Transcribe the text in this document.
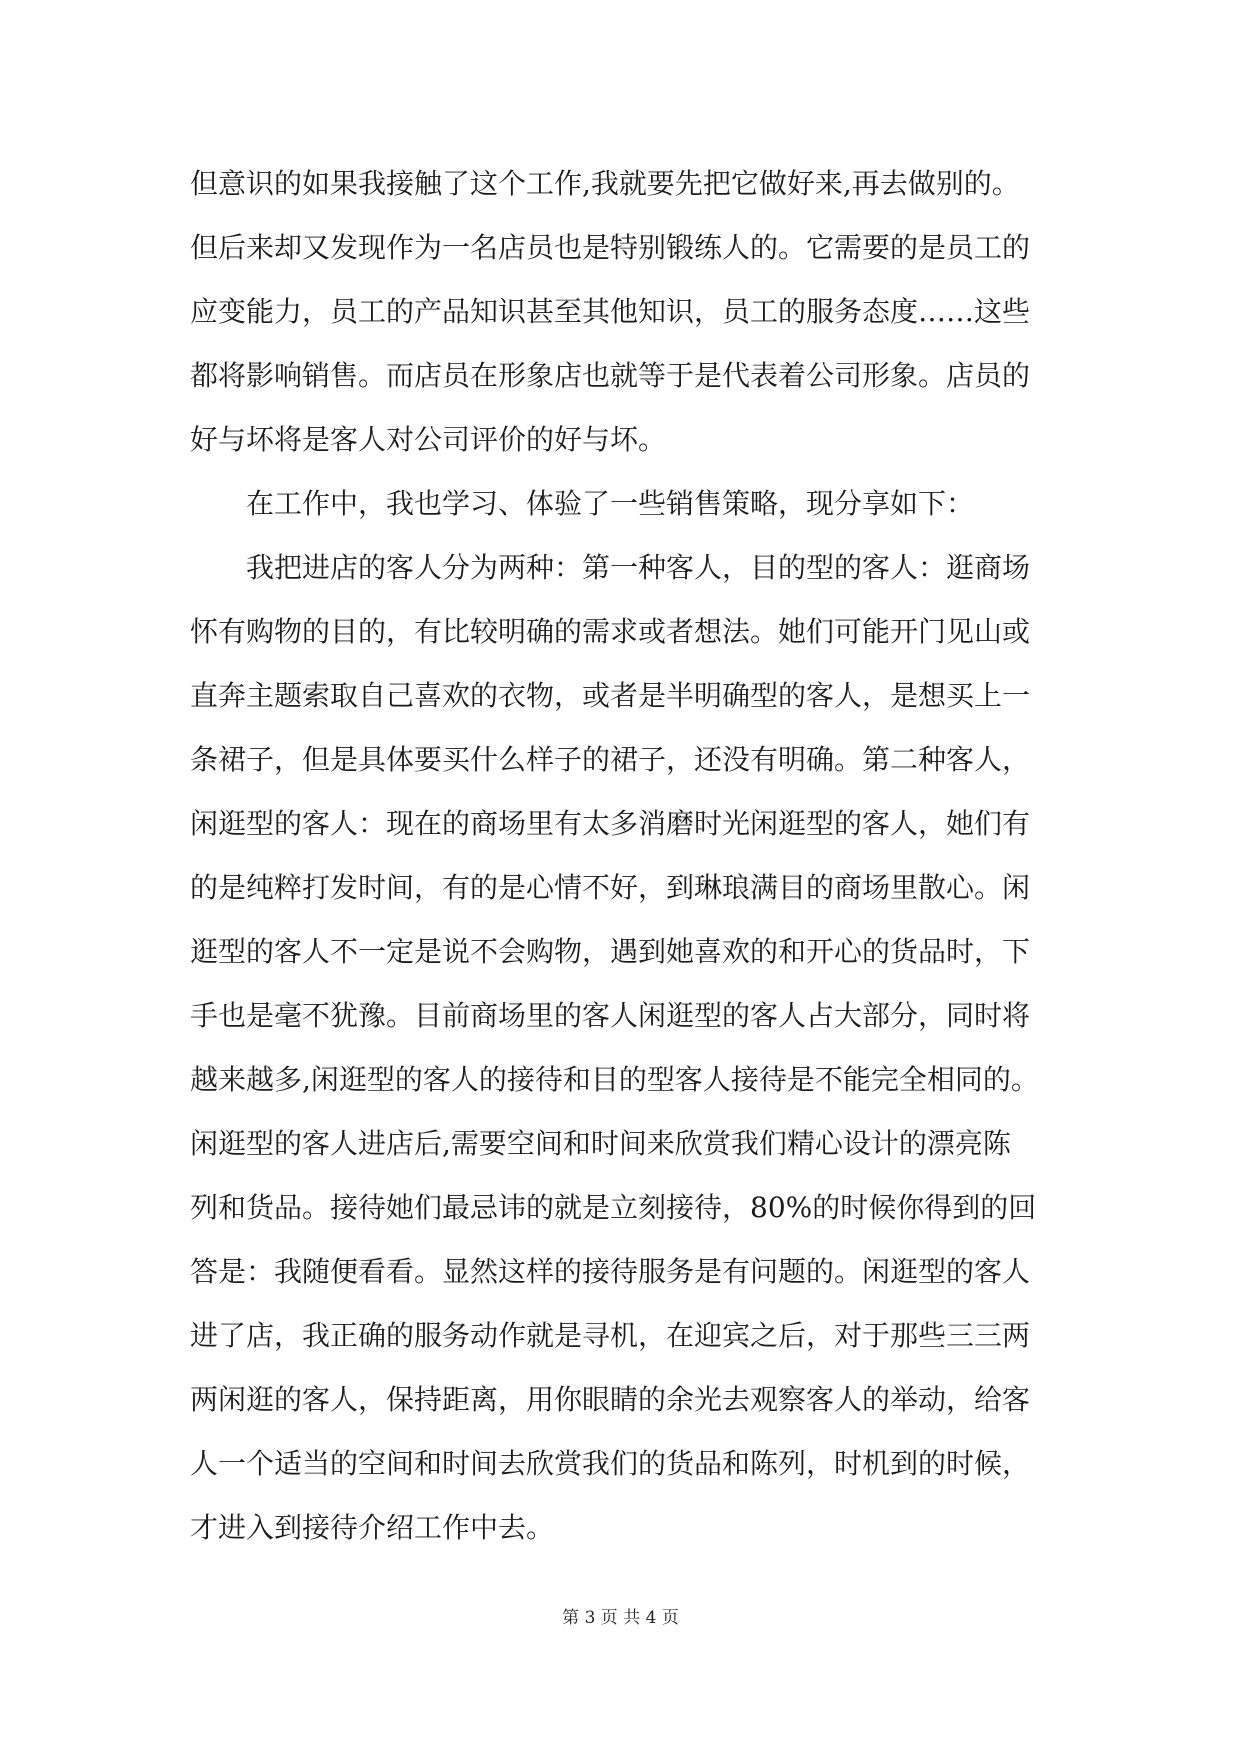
但意识的如果我接触了这个工作,我就要先把它做好来,再去做别的。
但后来却又发现作为一名店员也是特别锻练人的。它需要的是员工的
应变能力，员工的产品知识甚至其他知识，员工的服务态度……这些
都将影响销售。而店员在形象店也就等于是代表着公司形象。店员的
好与坏将是客人对公司评价的好与坏。
在工作中，我也学习、体验了一些销售策略，现分享如下：
我把进店的客人分为两种：第一种客人，目的型的客人：逛商场
怀有购物的目的，有比较明确的需求或者想法。她们可能开门见山或
直奔主题索取自己喜欢的衣物，或者是半明确型的客人，是想买上一
条裙子，但是具体要买什么样子的裙子，还没有明确。第二种客人，
闲逛型的客人：现在的商场里有太多消磨时光闲逛型的客人，她们有
的是纯粹打发时间，有的是心情不好，到琳琅满目的商场里散心。闲
逛型的客人不一定是说不会购物，遇到她喜欢的和开心的货品时，下
手也是毫不犹豫。目前商场里的客人闲逛型的客人占大部分，同时将
越来越多,闲逛型的客人的接待和目的型客人接待是不能完全相同的。
闲逛型的客人进店后,需要空间和时间来欣赏我们精心设计的漂亮陈
列和货品。接待她们最忌讳的就是立刻接待，80%的时候你得到的回
答是：我随便看看。显然这样的接待服务是有问题的。闲逛型的客人
进了店，我正确的服务动作就是寻机，在迎宾之后，对于那些三三两
两闲逛的客人，保持距离，用你眼睛的余光去观察客人的举动，给客
人一个适当的空间和时间去欣赏我们的货品和陈列，时机到的时候，
才进入到接待介绍工作中去。
第 3 页 共 4 页
